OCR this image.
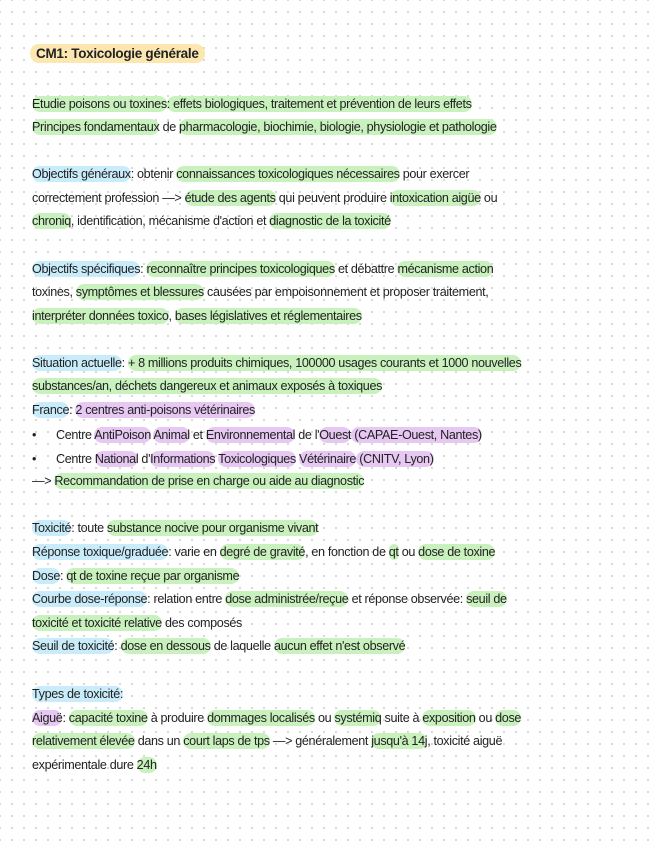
CM1: Toxicologie générale
Etudie poisons ou toxines: effets biologiques, traitement et prévention de leurs effets
Principes fondamentaux de pharmacologie, biochimie, biologie, physiologie et pathologie
Objectifs généraux: obtenir connaissances toxicologiques nécessaires pour exercer
correctement profession —> étude des agents qui peuvent produire intoxication aigüe ou
chroniq, identification, mécanisme d'action et diagnostic de la toxicité
Objectifs spécifiques: reconnaître principes toxicologiques et débattre mécanisme action
toxines, symptômes et blessures causées par empoisonnement et proposer traitement,
interpréter données toxico, bases législatives et réglementaires
Situation actuelle: + 8 millions produits chimiques, 100000 usages courants et 1000 nouvelles
substances/an, déchets dangereux et animaux exposés à toxiques
France: 2 centres anti-poisons vétérinaires
• Centre AntiPoison Animal et Environnemental de l'Ouest (CAPAE-Ouest, Nantes)
• Centre National d'Informations Toxicologiques Vétérinaire (CNITV, Lyon)
—> Recommandation de prise en charge ou aide au diagnostic
Toxicité: toute substance nocive pour organisme vivant
Réponse toxique/graduée: varie en degré de gravité, en fonction de qt ou dose de toxine
Dose: qt de toxine reçue par organisme
Courbe dose-réponse: relation entre dose administrée/reçue et réponse observée: seuil de
toxicité et toxicité relative des composés
Seuil de toxicité: dose en dessous de laquelle aucun effet n'est observé
Types de toxicité:
Aiguë: capacité toxine à produire dommages localisés ou systémiq suite à exposition ou dose
relativement élevée dans un court laps de tps —> généralement jusqu'à 14j, toxicité aiguë
expérimentale dure 24h
